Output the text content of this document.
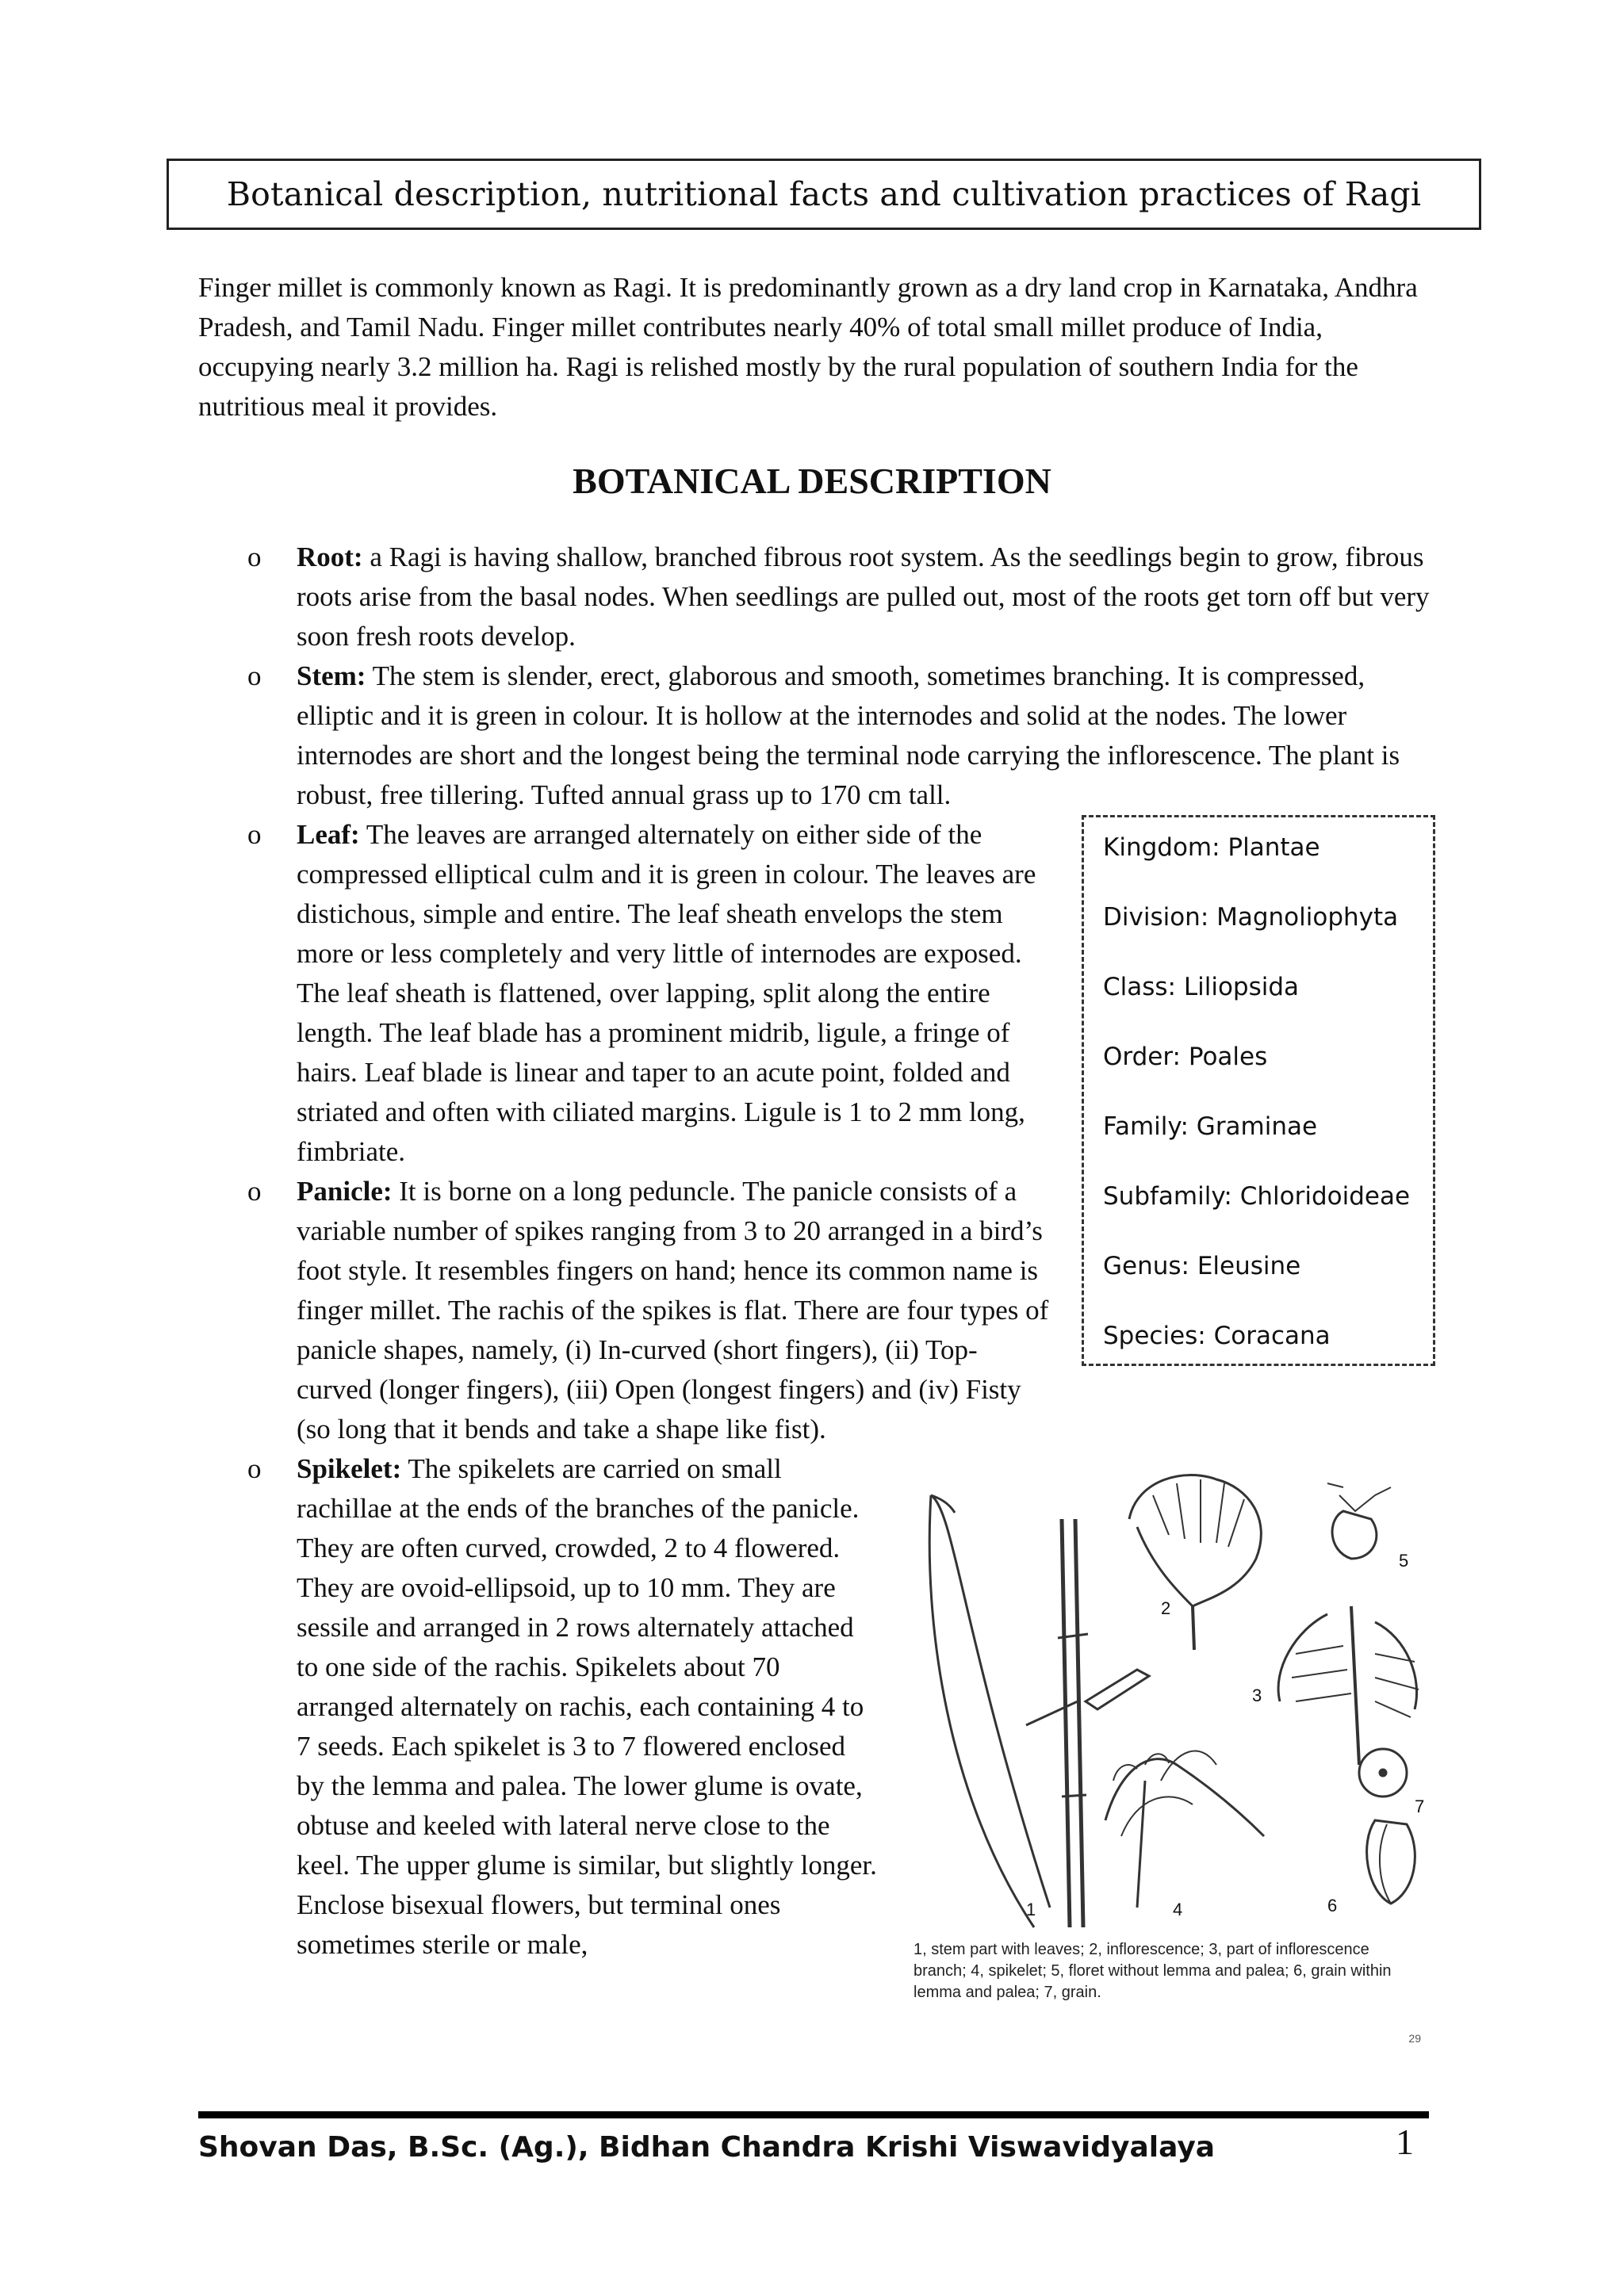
Botanical description, nutritional facts and cultivation practices of Ragi

Finger millet is commonly known as Ragi. It is predominantly grown as a dry land crop in Karnataka, Andhra Pradesh, and Tamil Nadu. Finger millet contributes nearly 40% of total small millet produce of India, occupying nearly 3.2 million ha. Ragi is relished mostly by the rural population of southern India for the nutritious meal it provides.

BOTANICAL DESCRIPTION
o Root: a Ragi is having shallow, branched fibrous root system. As the seedlings begin to grow, fibrous roots arise from the basal nodes. When seedlings are pulled out, most of the roots get torn off but very soon fresh roots develop.
o Stem: The stem is slender, erect, glaborous and smooth, sometimes branching. It is compressed, elliptic and it is green in colour. It is hollow at the internodes and solid at the nodes. The lower internodes are short and the longest being the terminal node carrying the inflorescence. The plant is robust, free tillering. Tufted annual grass up to 170 cm tall.
o	Kingdom: Plantae
Division: Magnoliophyta
Class: Liliopsida
Order: Poales
Family: Graminae
Subfamily: Chloridoideae
Genus: Eleusine
Species: Coracana
Leaf: The leaves are arranged alternately on either side of the compressed elliptical culm and it is green in colour. The leaves are distichous, simple and entire. The leaf sheath envelops the stem more or less completely and very little of internodes are exposed. The leaf sheath is flattened, over lapping, split along the entire length. The leaf blade has a prominent midrib, ligule, a fringe of hairs. Leaf blade is linear and taper to an acute point, folded and striated and often with ciliated margins. Ligule is 1 to 2 mm long, fimbriate.
o Panicle: It is borne on a long peduncle. The panicle consists of a variable number of spikes ranging from 3 to 20 arranged in a bird’s foot style. It resembles fingers on hand; hence its common name is finger millet. The rachis of the spikes is flat. There are four types of panicle shapes, namely, (i) In-curved (short fingers), (ii) Top-curved (longer fingers), (iii) Open (longest fingers) and (iv) Fisty (so long that it bends and take a shape like fist).
o
1
2
3
4
5
6
7
1, stem part with leaves; 2, inflorescence; 3, part of inflorescence branch; 4, spikelet; 5, floret without lemma and palea; 6, grain within lemma and palea; 7, grain.
29
Spikelet: The spikelets are carried on small rachillae at the ends of the branches of the panicle. They are often curved, crowded, 2 to 4 flowered. They are ovoid-ellipsoid, up to 10 mm. They are sessile and arranged in 2 rows alternately attached to one side of the rachis. Spikelets about 70 arranged alternately on rachis, each containing 4 to 7 seeds. Each spikelet is 3 to 7 flowered enclosed by the lemma and palea. The lower glume is ovate, obtuse and keeled with lateral nerve close to the keel. The upper glume is similar, but slightly longer. Enclose bisexual flowers, but terminal ones sometimes sterile or male,
Shovan Das, B.Sc. (Ag.), Bidhan Chandra Krishi Viswavidyalaya	1
